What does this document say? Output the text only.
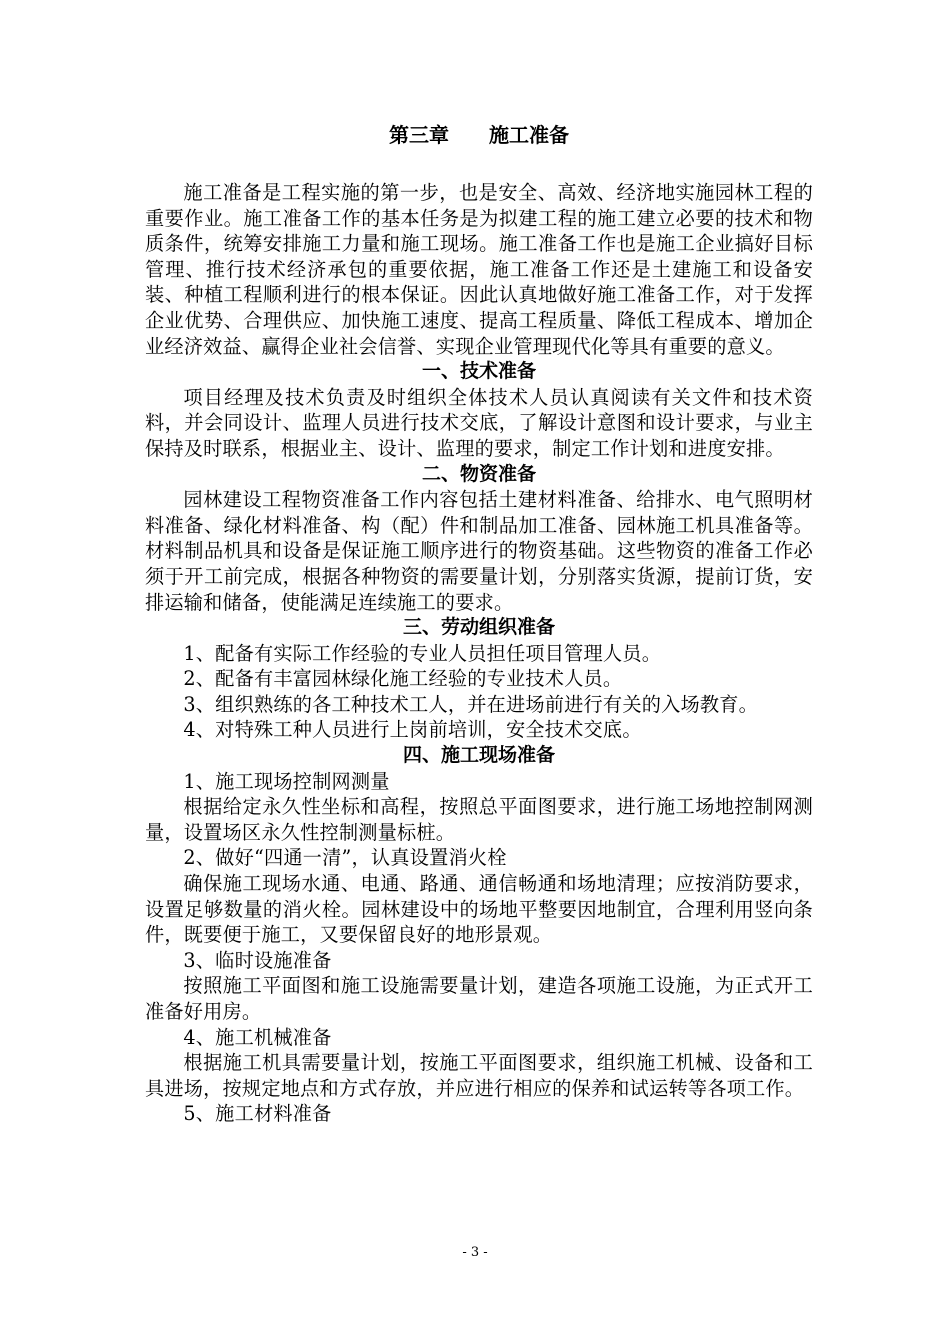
第三章　　施工准备

施工准备是工程实施的第一步，也是安全、高效、经济地实施园林工程的重要作业。施工准备工作的基本任务是为拟建工程的施工建立必要的技术和物质条件，统筹安排施工力量和施工现场。施工准备工作也是施工企业搞好目标管理、推行技术经济承包的重要依据，施工准备工作还是土建施工和设备安装、种植工程顺利进行的根本保证。因此认真地做好施工准备工作，对于发挥企业优势、合理供应、加快施工速度、提高工程质量、降低工程成本、增加企业经济效益、赢得企业社会信誉、实现企业管理现代化等具有重要的意义。

一、技术准备

项目经理及技术负责及时组织全体技术人员认真阅读有关文件和技术资料，并会同设计、监理人员进行技术交底，了解设计意图和设计要求，与业主保持及时联系，根据业主、设计、监理的要求，制定工作计划和进度安排。

二、物资准备

园林建设工程物资准备工作内容包括土建材料准备、给排水、电气照明材料准备、绿化材料准备、构（配）件和制品加工准备、园林施工机具准备等。材料制品机具和设备是保证施工顺序进行的物资基础。这些物资的准备工作必须于开工前完成，根据各种物资的需要量计划，分别落实货源，提前订货，安排运输和储备，使能满足连续施工的要求。

三、劳动组织准备

1、配备有实际工作经验的专业人员担任项目管理人员。

2、配备有丰富园林绿化施工经验的专业技术人员。

3、组织熟练的各工种技术工人，并在进场前进行有关的入场教育。

4、对特殊工种人员进行上岗前培训，安全技术交底。

四、施工现场准备

1、施工现场控制网测量

根据给定永久性坐标和高程，按照总平面图要求，进行施工场地控制网测量，设置场区永久性控制测量标桩。

2、做好“四通一清”，认真设置消火栓

确保施工现场水通、电通、路通、通信畅通和场地清理；应按消防要求，设置足够数量的消火栓。园林建设中的场地平整要因地制宜，合理利用竖向条件，既要便于施工，又要保留良好的地形景观。

3、临时设施准备

按照施工平面图和施工设施需要量计划，建造各项施工设施，为正式开工准备好用房。

4、施工机械准备

根据施工机具需要量计划，按施工平面图要求，组织施工机械、设备和工具进场，按规定地点和方式存放，并应进行相应的保养和试运转等各项工作。

5、施工材料准备

- 3 -
